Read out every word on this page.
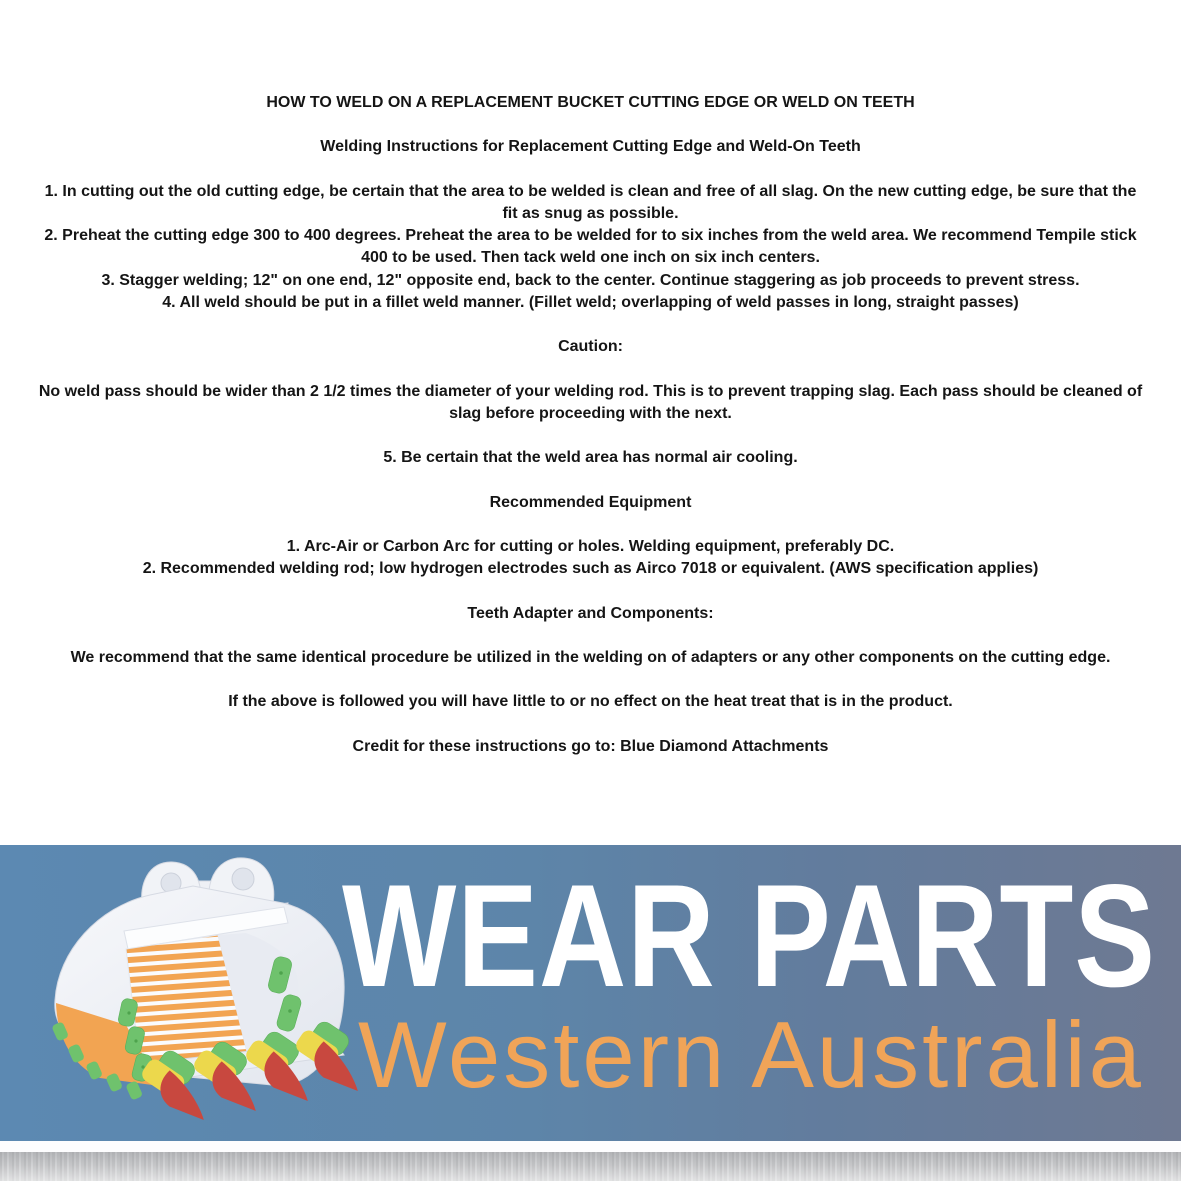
HOW TO WELD ON A REPLACEMENT BUCKET CUTTING EDGE OR WELD ON TEETH
Welding Instructions for Replacement Cutting Edge and Weld-On Teeth
1. In cutting out the old cutting edge, be certain that the area to be welded is clean and free of all slag. On the new cutting edge, be sure that the
fit as snug as possible.
2. Preheat the cutting edge 300 to 400 degrees. Preheat the area to be welded for to six inches from the weld area. We recommend Tempile stick
400 to be used. Then tack weld one inch on six inch centers.
3. Stagger welding; 12" on one end, 12" opposite end, back to the center. Continue staggering as job proceeds to prevent stress.
4. All weld should be put in a fillet weld manner. (Fillet weld; overlapping of weld passes in long, straight passes)
Caution:
No weld pass should be wider than 2 1/2 times the diameter of your welding rod. This is to prevent trapping slag. Each pass should be cleaned of
slag before proceeding with the next.
5. Be certain that the weld area has normal air cooling.
Recommended Equipment
1. Arc-Air or Carbon Arc for cutting or holes. Welding equipment, preferably DC.
2. Recommended welding rod; low hydrogen electrodes such as Airco 7018 or equivalent. (AWS specification applies)
Teeth Adapter and Components:
We recommend that the same identical procedure be utilized in the welding on of adapters or any other components on the cutting edge.
If the above is followed you will have little to or no effect on the heat treat that is in the product.
Credit for these instructions go to: Blue Diamond Attachments
WEAR PARTS
Western Australia
